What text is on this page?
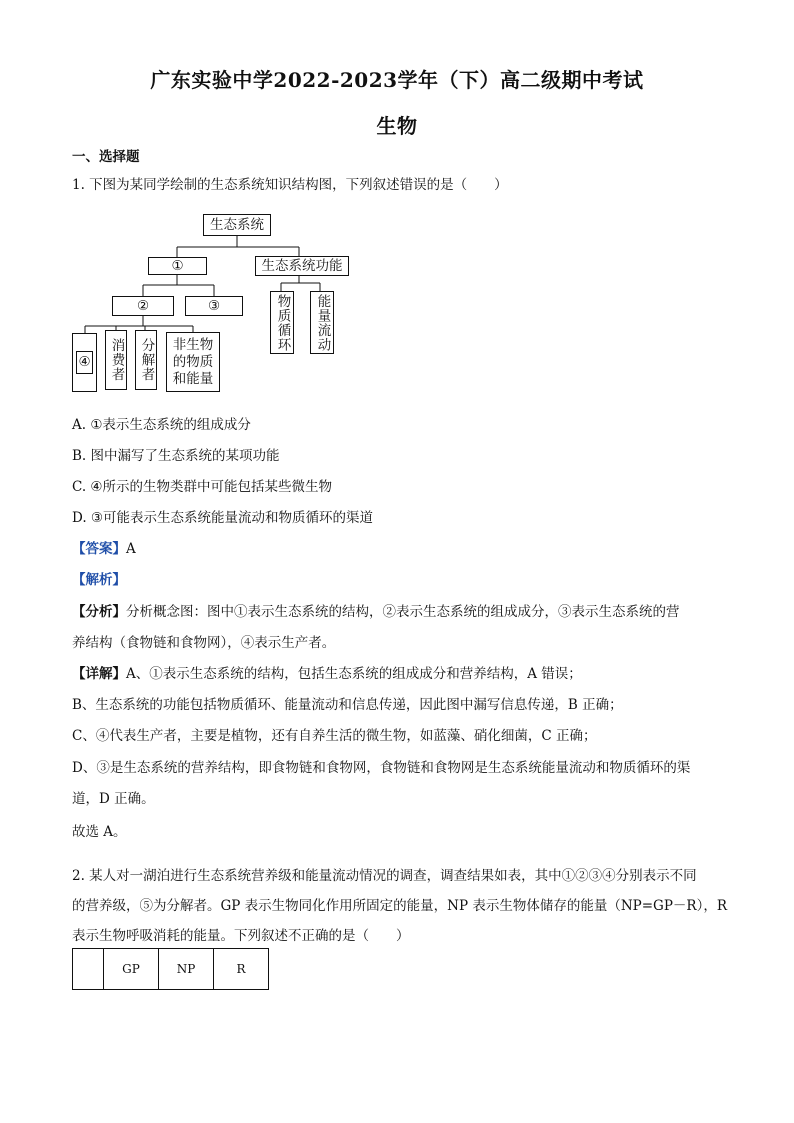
广东实验中学2022-2023学年（下）高二级期中考试
生物
一、选择题
1. 下图为某同学绘制的生态系统知识结构图，下列叙述错误的是（　　）
生态系统
①	生态系统功能
②	③	物质循环 能量流动
④ 消费者 分解者 非生物
的物质
和能量
A. ①表示生态系统的组成成分
B. 图中漏写了生态系统的某项功能
C. ④所示的生物类群中可能包括某些微生物
D. ③可能表示生态系统能量流动和物质循环的渠道
【答案】A
【解析】
【分析】分析概念图：图中①表示生态系统的结构，②表示生态系统的组成成分，③表示生态系统的营
养结构（食物链和食物网），④表示生产者。
【详解】A、①表示生态系统的结构，包括生态系统的组成成分和营养结构，A 错误；
B、生态系统的功能包括物质循环、能量流动和信息传递，因此图中漏写信息传递，B 正确；
C、④代表生产者，主要是植物，还有自养生活的微生物，如蓝藻、硝化细菌，C 正确；
D、③是生态系统的营养结构，即食物链和食物网，食物链和食物网是生态系统能量流动和物质循环的渠
道，D 正确。
故选 A。
2. 某人对一湖泊进行生态系统营养级和能量流动情况的调查，调查结果如表，其中①②③④分别表示不同
的营养级，⑤为分解者。GP 表示生物同化作用所固定的能量，NP 表示生物体储存的能量（NP=GP－R），R
表示生物呼吸消耗的能量。下列叙述不正确的是（　　）
	GP	NP	R
